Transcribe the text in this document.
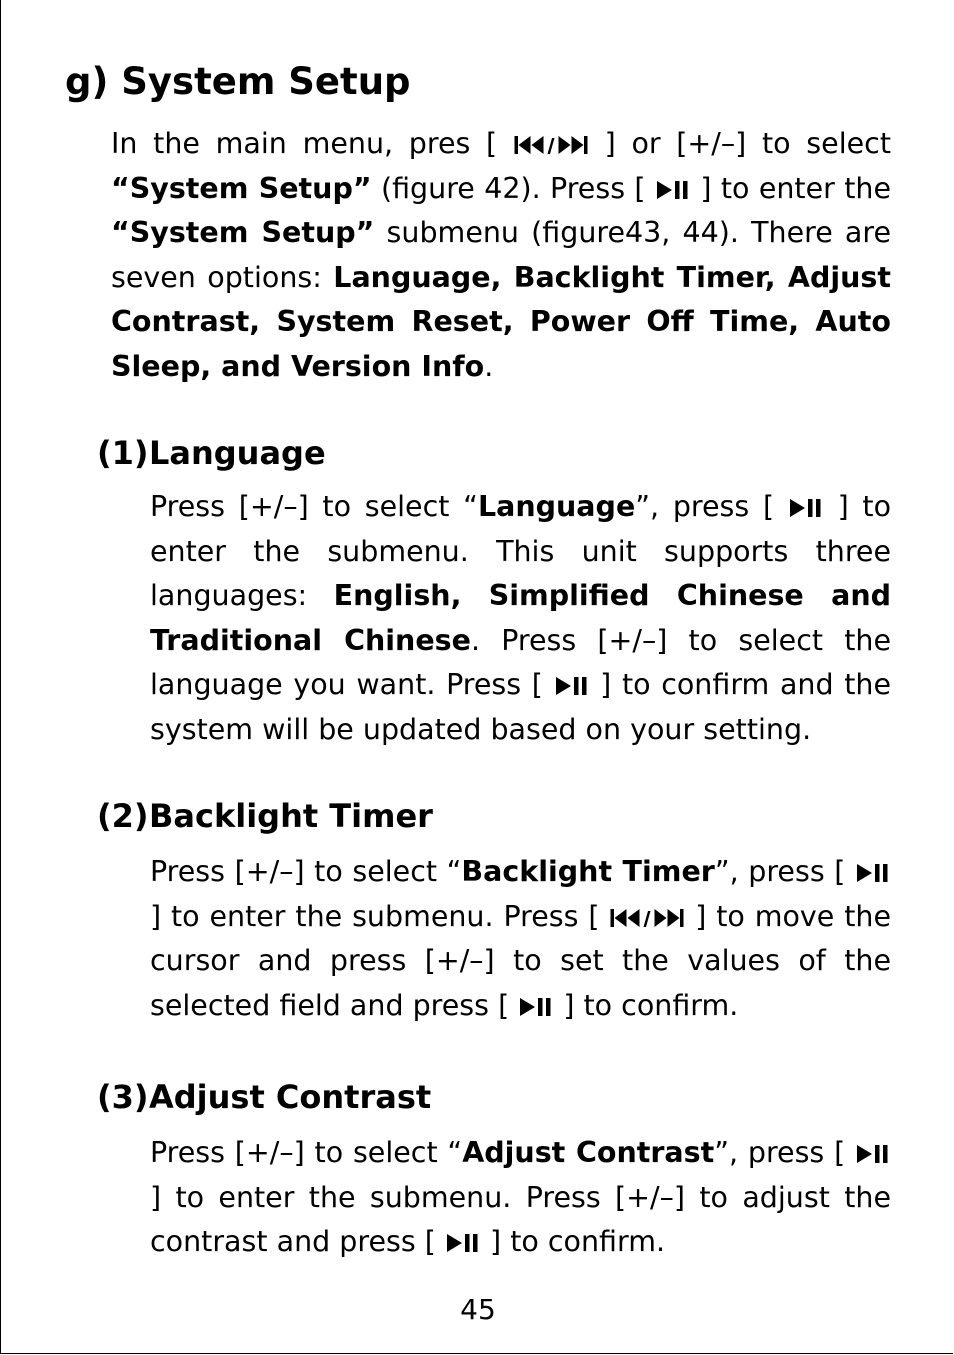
g) System Setup

In the main menu, pres [	] or [+/–] to select “System Setup” (figure 42). Press [ ] to enter the “System Setup” submenu (figure43, 44). There are seven options: Language, Backlight Timer, Adjust Contrast, System Reset, Power Off Time, Auto Sleep, and Version Info.

(1)Language

Press [+/–] to select “Language”, press [ ] to enter the submenu. This unit supports three languages: English, Simplified Chinese and Traditional Chinese. Press [+/–] to select the language you want. Press [ ] to confirm and the system will be updated based on your setting.

(2)Backlight Timer

Press [+/–] to select “Backlight Timer”, press [
] to enter the submenu. Press [	] to move the cursor and press [+/–] to set the values of the selected field and press [ ] to confirm.

(3)Adjust Contrast

Press [+/–] to select “Adjust Contrast”, press [
] to enter the submenu. Press [+/–] to adjust the contrast and press [ ] to confirm.

45
